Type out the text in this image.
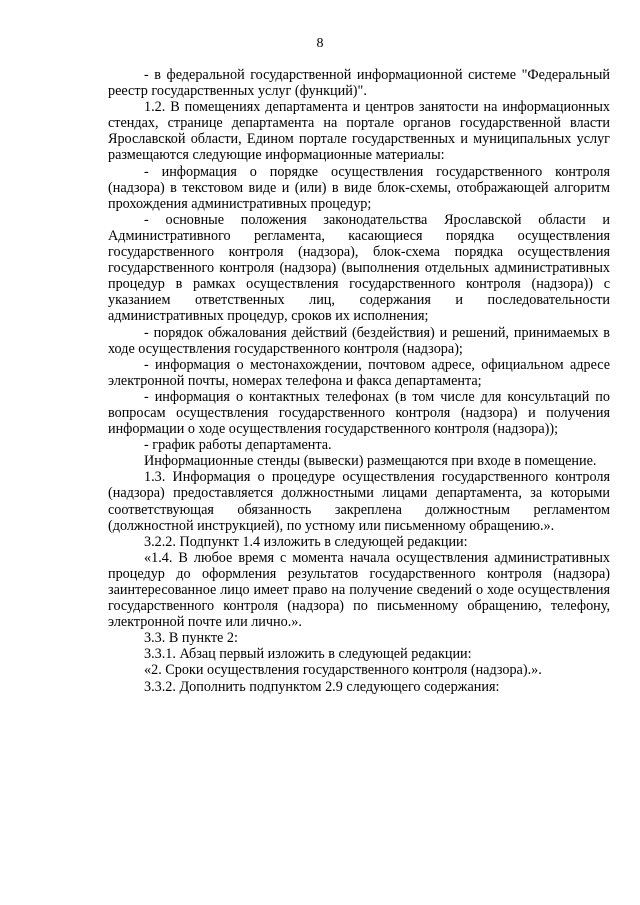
8

- в федеральной государственной информационной системе "Федеральный реестр государственных услуг (функций)".

1.2. В помещениях департамента и центров занятости на информационных стендах, странице департамента на портале органов государственной власти Ярославской области, Едином портале государственных и муниципальных услуг размещаются следующие информационные материалы:

- информация о порядке осуществления государственного контроля (надзора) в текстовом виде и (или) в виде блок-схемы, отображающей алгоритм прохождения административных процедур;

- основные положения законодательства Ярославской области и Административного регламента, касающиеся порядка осуществления государственного контроля (надзора), блок-схема порядка осуществления государственного контроля (надзора) (выполнения отдельных административных процедур в рамках осуществления государственного контроля (надзора)) с указанием ответственных лиц, содержания и последовательности административных процедур, сроков их исполнения;

- порядок обжалования действий (бездействия) и решений, принимаемых в ходе осуществления государственного контроля (надзора);

- информация о местонахождении, почтовом адресе, официальном адресе электронной почты, номерах телефона и факса департамента;

- информация о контактных телефонах (в том числе для консультаций по вопросам осуществления государственного контроля (надзора) и получения информации о ходе осуществления государственного контроля (надзора));

- график работы департамента.

Информационные стенды (вывески) размещаются при входе в помещение.

1.3. Информация о процедуре осуществления государственного контроля (надзора) предоставляется должностными лицами департамента, за которыми соответствующая обязанность закреплена должностным регламентом (должностной инструкцией), по устному или письменному обращению.».

3.2.2. Подпункт 1.4 изложить в следующей редакции:

«1.4. В любое время с момента начала осуществления административных процедур до оформления результатов государственного контроля (надзора) заинтересованное лицо имеет право на получение сведений о ходе осуществления государственного контроля (надзора) по письменному обращению, телефону, электронной почте или лично.».

3.3. В пункте 2:

3.3.1. Абзац первый изложить в следующей редакции:

«2. Сроки осуществления государственного контроля (надзора).».

3.3.2. Дополнить подпунктом 2.9 следующего содержания:
